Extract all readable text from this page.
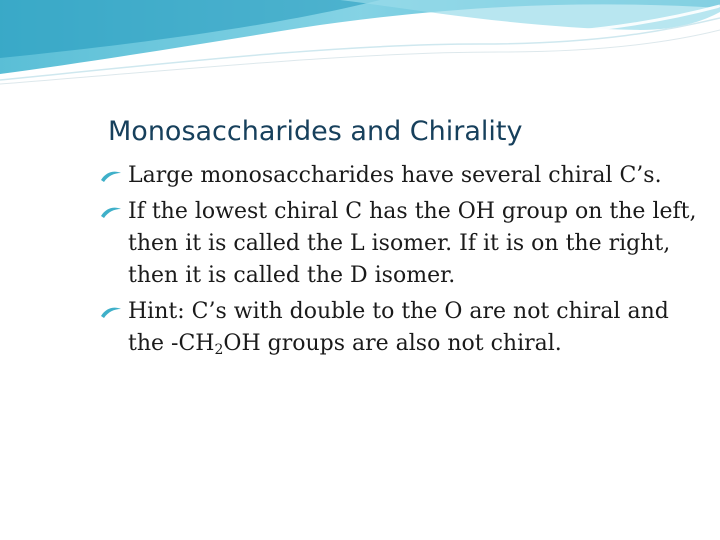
Monosaccharides and Chirality
Large monosaccharides have several chiral C’s.
If the lowest chiral C has the OH group on the left, then it is called the L isomer. If it is on the right, then it is called the D isomer.
Hint: C’s with double to the O are not chiral and the $-CH_2OH$ groups are also not chiral.
